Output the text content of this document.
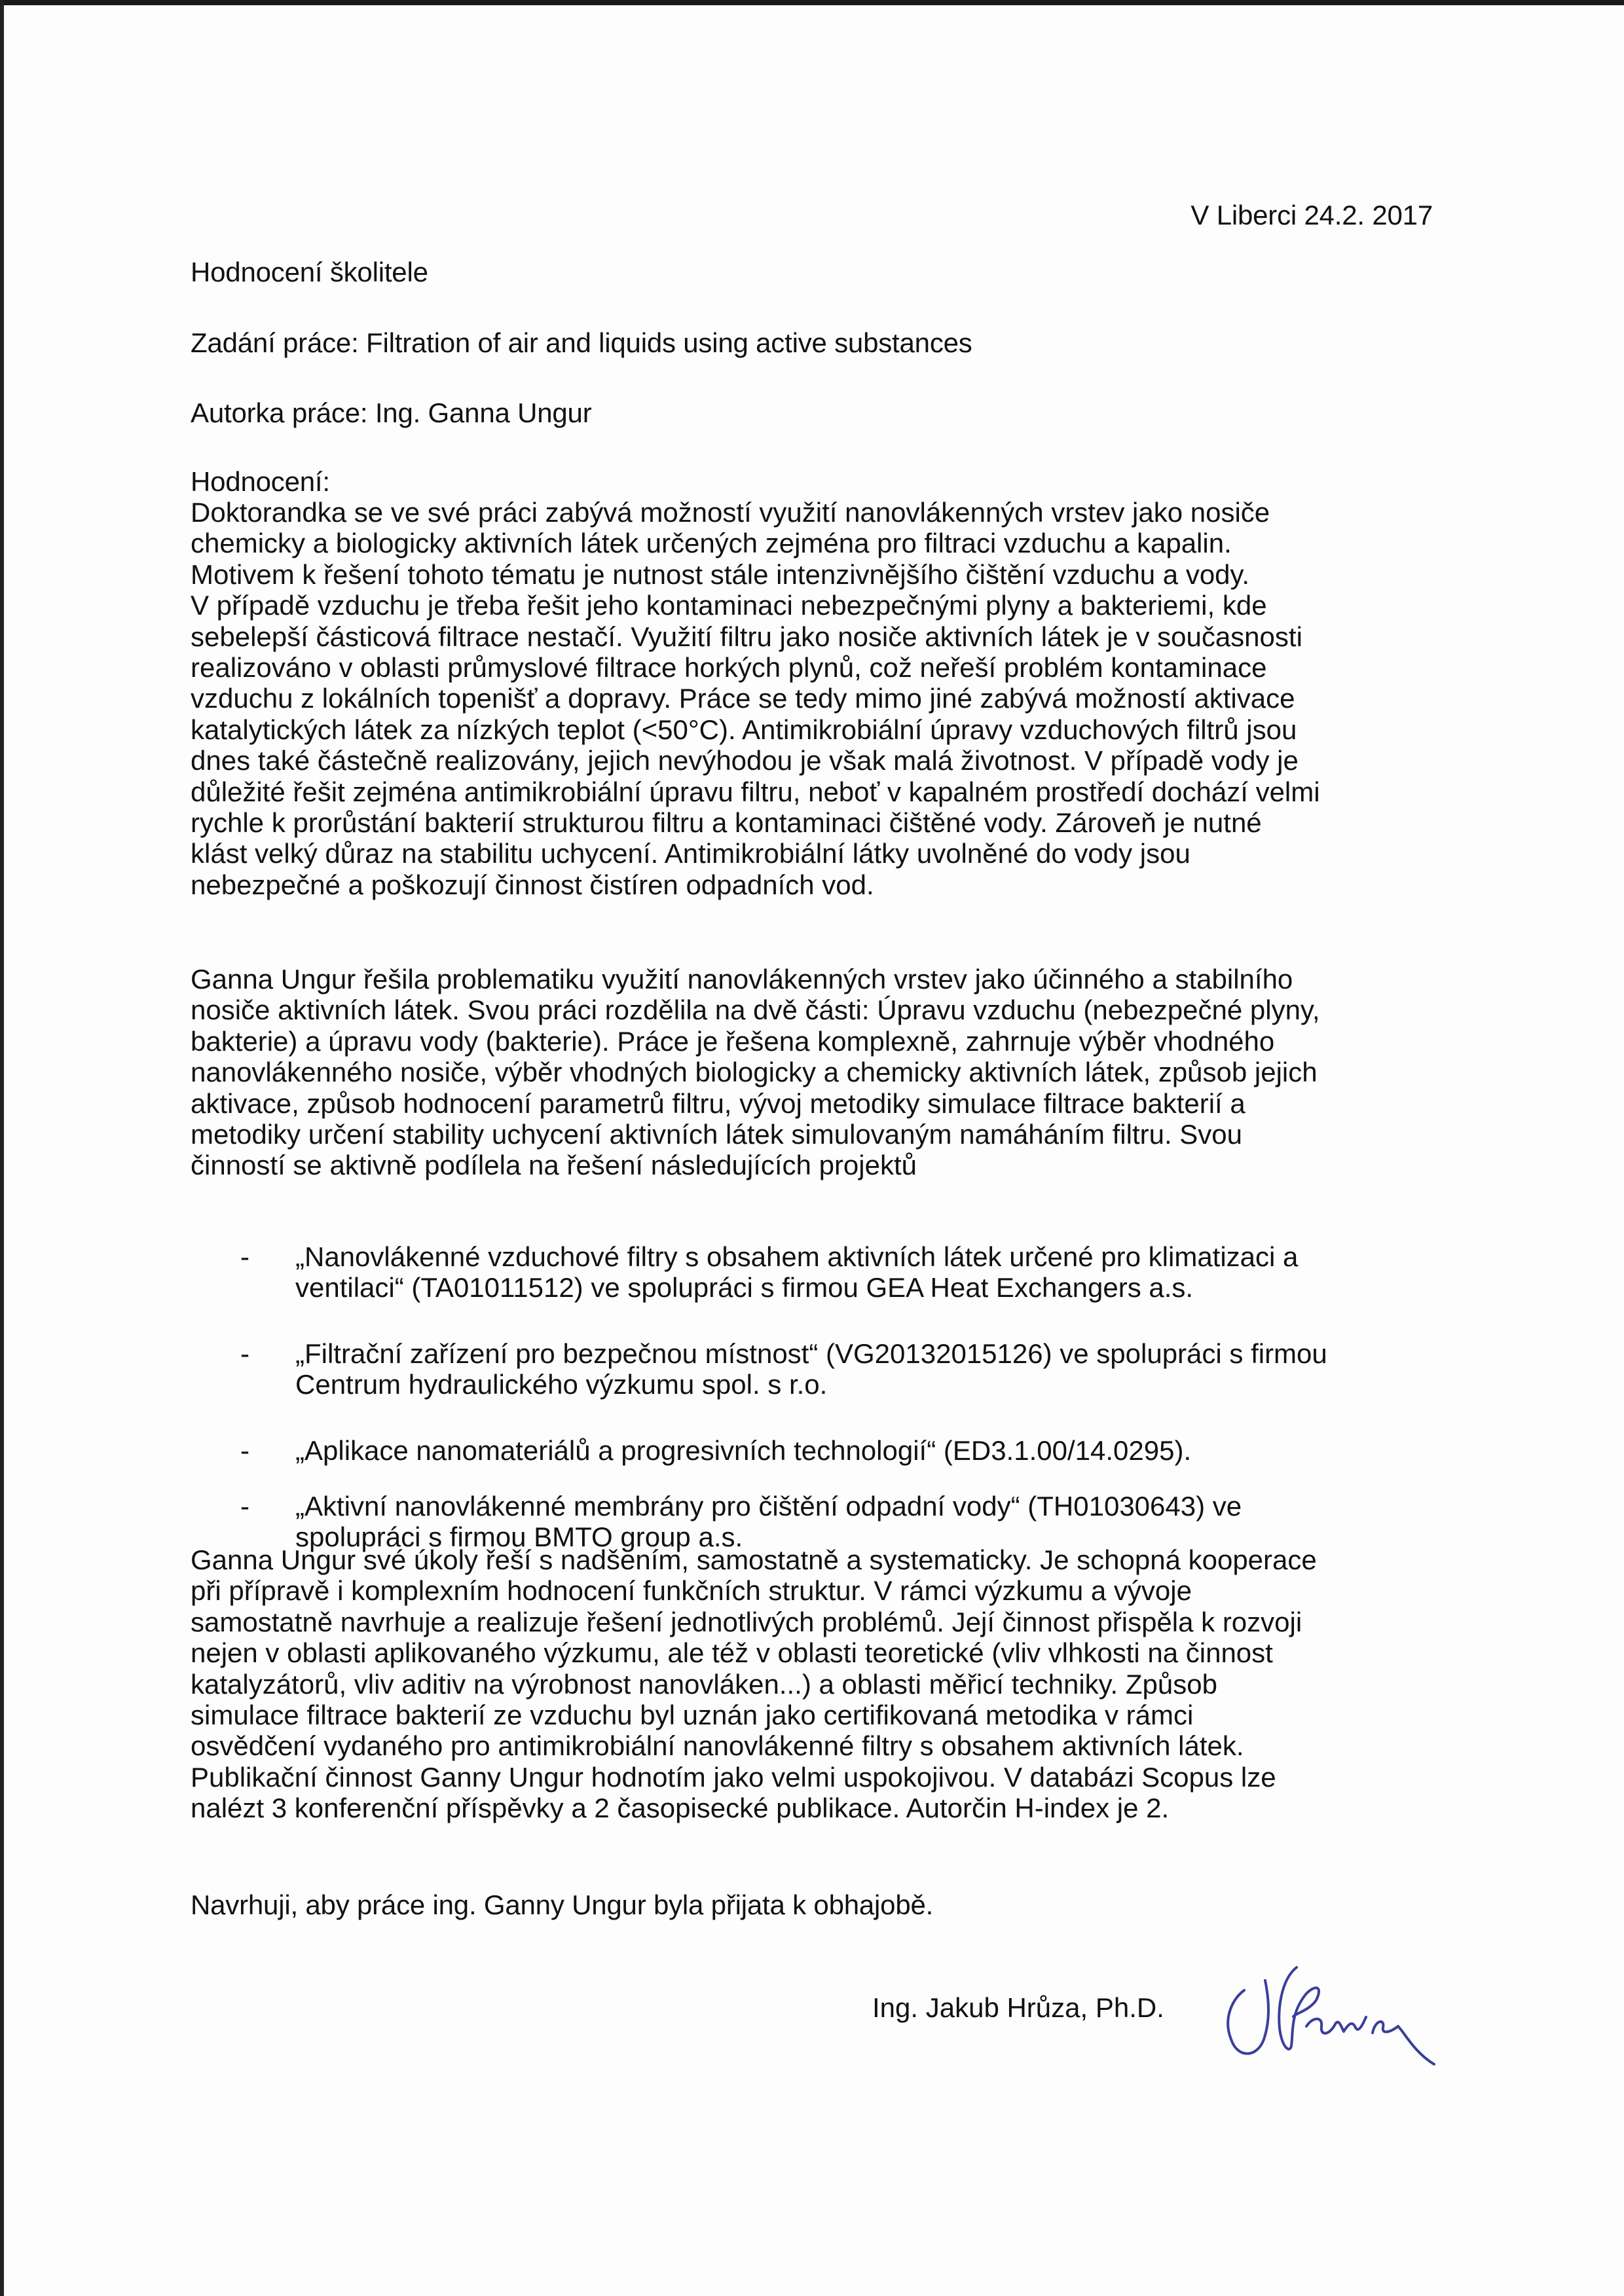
V Liberci 24.2. 2017
Hodnocení školitele
Zadání práce: Filtration of air and liquids using active substances
Autorka práce: Ing. Ganna Ungur
Hodnocení:
Doktorandka se ve své práci zabývá možností využití nanovlákenných vrstev jako nosiče
chemicky a biologicky aktivních látek určených zejména pro filtraci vzduchu a kapalin.
Motivem k řešení tohoto tématu je nutnost stále intenzivnějšího čištění vzduchu a vody.
V případě vzduchu je třeba řešit jeho kontaminaci nebezpečnými plyny a bakteriemi, kde
sebelepší částicová filtrace nestačí. Využití filtru jako nosiče aktivních látek je v současnosti
realizováno v oblasti průmyslové filtrace horkých plynů, což neřeší problém kontaminace
vzduchu z lokálních topenišť a dopravy. Práce se tedy mimo jiné zabývá možností aktivace
katalytických látek za nízkých teplot (<50°C). Antimikrobiální úpravy vzduchových filtrů jsou
dnes také částečně realizovány, jejich nevýhodou je však malá životnost. V případě vody je
důležité řešit zejména antimikrobiální úpravu filtru, neboť v kapalném prostředí dochází velmi
rychle k prorůstání bakterií strukturou filtru a kontaminaci čištěné vody. Zároveň je nutné
klást velký důraz na stabilitu uchycení. Antimikrobiální látky uvolněné do vody jsou
nebezpečné a poškozují činnost čistíren odpadních vod.
Ganna Ungur řešila problematiku využití nanovlákenných vrstev jako účinného a stabilního
nosiče aktivních látek. Svou práci rozdělila na dvě části: Úpravu vzduchu (nebezpečné plyny,
bakterie) a úpravu vody (bakterie). Práce je řešena komplexně, zahrnuje výběr vhodného
nanovlákenného nosiče, výběr vhodných biologicky a chemicky aktivních látek, způsob jejich
aktivace, způsob hodnocení parametrů filtru, vývoj metodiky simulace filtrace bakterií a
metodiky určení stability uchycení aktivních látek simulovaným namáháním filtru. Svou
činností se aktivně podílela na řešení následujících projektů
- „Nanovlákenné vzduchové filtry s obsahem aktivních látek určené pro klimatizaci a
ventilaci“ (TA01011512) ve spolupráci s firmou GEA Heat Exchangers a.s.
- „Filtrační zařízení pro bezpečnou místnost“ (VG20132015126) ve spolupráci s firmou
Centrum hydraulického výzkumu spol. s r.o.
- „Aplikace nanomateriálů a progresivních technologií“ (ED3.1.00/14.0295).
- „Aktivní nanovlákenné membrány pro čištění odpadní vody“ (TH01030643) ve
spolupráci s firmou BMTO group a.s.
Ganna Ungur své úkoly řeší s nadšením, samostatně a systematicky. Je schopná kooperace
při přípravě i komplexním hodnocení funkčních struktur. V rámci výzkumu a vývoje
samostatně navrhuje a realizuje řešení jednotlivých problémů. Její činnost přispěla k rozvoji
nejen v oblasti aplikovaného výzkumu, ale též v oblasti teoretické (vliv vlhkosti na činnost
katalyzátorů, vliv aditiv na výrobnost nanovláken...) a oblasti měřicí techniky. Způsob
simulace filtrace bakterií ze vzduchu byl uznán jako certifikovaná metodika v rámci
osvědčení vydaného pro antimikrobiální nanovlákenné filtry s obsahem aktivních látek.
Publikační činnost Ganny Ungur hodnotím jako velmi uspokojivou. V databázi Scopus lze
nalézt 3 konferenční příspěvky a 2 časopisecké publikace. Autorčin H-index je 2.
Navrhuji, aby práce ing. Ganny Ungur byla přijata k obhajobě.
Ing. Jakub Hrůza, Ph.D.
